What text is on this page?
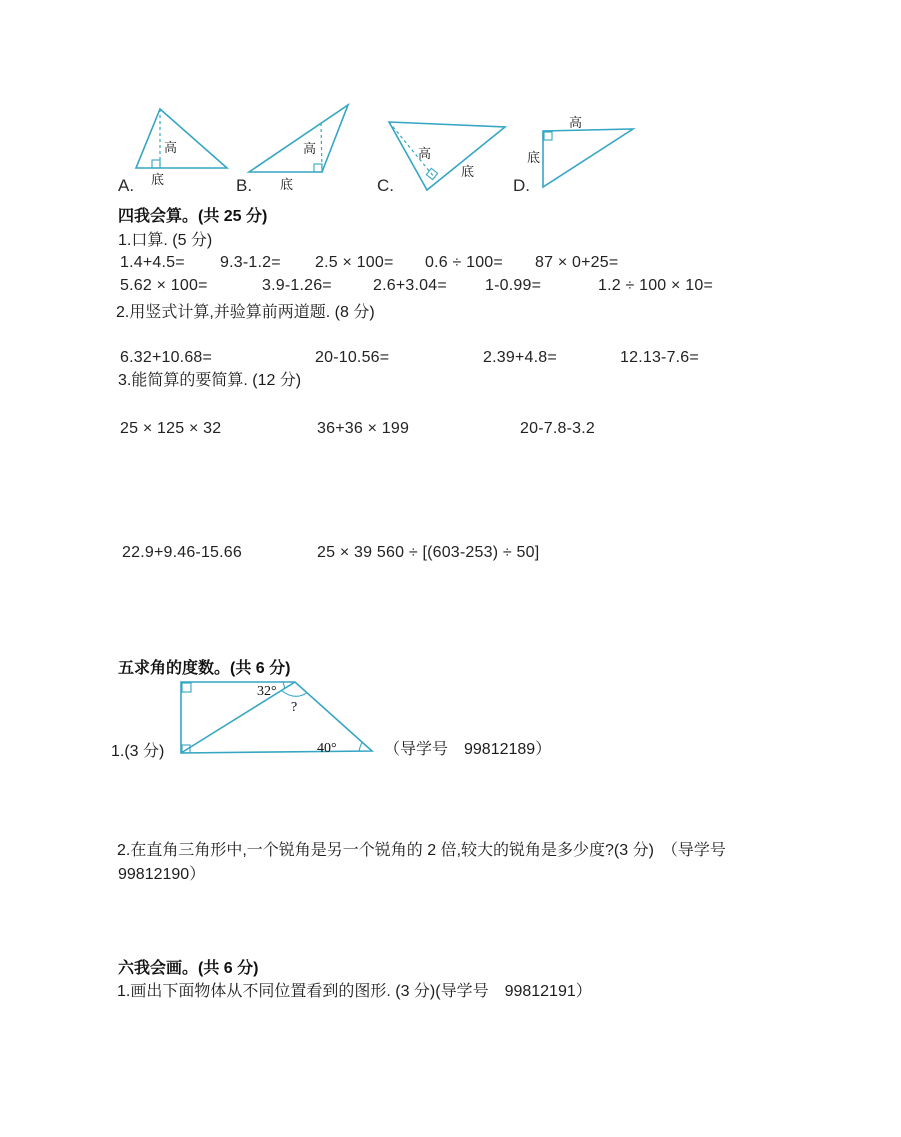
高
底
A.
高
底
B.
高
底
C.
高
底
D.
四我会算。(共 25 分)
1.口算. (5 分)
1.4+4.5= 9.3-1.2= 2.5 × 100= 0.6 ÷ 100= 87 × 0+25=
5.62 × 100=	3.9-1.26=	2.6+3.04= 1-0.99=	1.2 ÷ 100 × 10=
2.用竖式计算,并验算前两道题. (8 分)
6.32+10.68=	20-10.56=	2.39+4.8=	12.13-7.6=
3.能简算的要简算. (12 分)
25 × 125 × 32	36+36 × 199	20-7.8-3.2
22.9+9.46-15.66	25 × 39 560 ÷ [(603-253) ÷ 50]
五求角的度数。(共 6 分)
32°
?
40°
1.(3 分)	（导学号　99812189）
2.在直角三角形中,一个锐角是另一个锐角的 2 倍,较大的锐角是多少度?(3 分)　（导学号
99812190）
六我会画。(共 6 分)
1.画出下面物体从不同位置看到的图形. (3 分)(导学号　99812191）
